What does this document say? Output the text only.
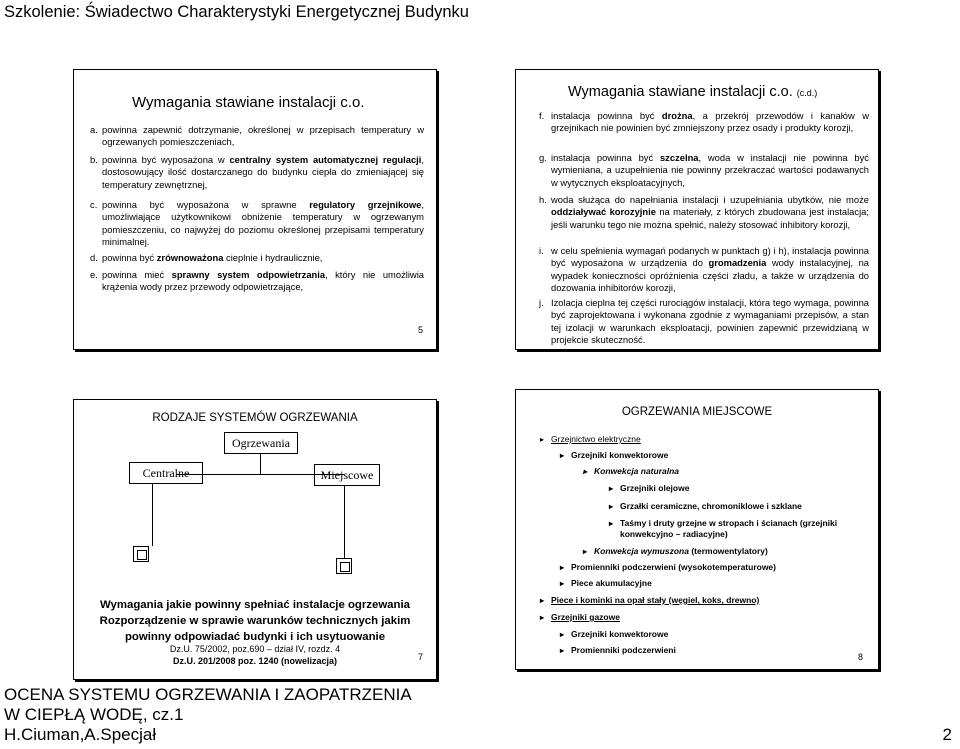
Szkolenie: Świadectwo Charakterystyki Energetycznej Budynku
Wymagania stawiane instalacji c.o.
a. powinna zapewnić dotrzymanie, określonej w przepisach temperatury w ogrzewanych pomieszczeniach,
b. powinna być wyposażona w centralny system automatycznej regulacji, dostosowujący ilość dostarczanego do budynku ciepła do zmieniającej się temperatury zewnętrznej,
c. powinna być wyposażona w sprawne regulatory grzejnikowe, umożliwiające użytkownikowi obniżenie temperatury w ogrzewanym pomieszczeniu, co najwyżej do poziomu określonej przepisami temperatury minimalnej.
d. powinna być zrównoważona cieplnie i hydraulicznie,
e. powinna mieć sprawny system odpowietrzania, który nie umożliwia krążenia wody przez przewody odpowietrzające,
5
Wymagania stawiane instalacji c.o. (c.d.)
f. instalacja powinna być drożna, a przekrój przewodów i kanałów w grzejnikach nie powinien być zmniejszony przez osady i produkty korozji,
g. instalacja powinna być szczelna, woda w instalacji nie powinna być wymieniana, a uzupełnienia nie powinny przekraczać wartości podawanych w wytycznych eksploatacyjnych,
h. woda służąca do napełniania instalacji i uzupełniania ubytków, nie może oddziaływać korozyjnie na materiały, z których zbudowana jest instalacja; jeśli warunku tego nie można spełnić, należy stosować inhibitory korozji,
i. w celu spełnienia wymagań podanych w punktach g) i h), instalacja powinna być wyposażona w urządzenia do gromadzenia wody instalacyjnej, na wypadek konieczności opróżnienia części zładu, a także w urządzenia do dozowania inhibitorów korozji,
j. Izolacja cieplna tej części rurociągów instalacji, która tego wymaga, powinna być zaprojektowana i wykonana zgodnie z wymaganiami przepisów, a stan tej izolacji w warunkach eksploatacji, powinien zapewnić przewidzianą w projekcie skuteczność.
RODZAJE SYSTEMÓW OGRZEWANIA
Ogrzewania
Centralne	Miejscowe
Wymagania jakie powinny spełniać instalacje ogrzewania
Rozporządzenie w sprawie warunków technicznych jakim
powinny odpowiadać budynki i ich usytuowanie
Dz.U. 75/2002, poz.690 – dział IV, rozdz. 4
Dz.U. 201/2008 poz. 1240 (nowelizacja)	7
OGRZEWANIA MIEJSCOWE
▸ Grzejnictwo elektryczne
▸ Grzejniki konwektorowe
▸ Konwekcja naturalna
▸ Grzejniki olejowe
▸ Grzałki ceramiczne, chromoniklowe i szklane
▸ Taśmy i druty grzejne w stropach i ścianach (grzejniki
konwekcyjno – radiacyjne)
▸ Konwekcja wymuszona (termowentylatory)
▸ Promienniki podczerwieni (wysokotemperaturowe)
▸ Piece akumulacyjne
▸ Piece i kominki na opał stały (węgiel, koks, drewno)
▸ Grzejniki gazowe
▸ Grzejniki konwektorowe
▸ Promienniki podczerwieni
8
OCENA SYSTEMU OGRZEWANIA I ZAOPATRZENIA
W CIEPŁĄ WODĘ, cz.1
H.Ciuman,A.Specjał	2
